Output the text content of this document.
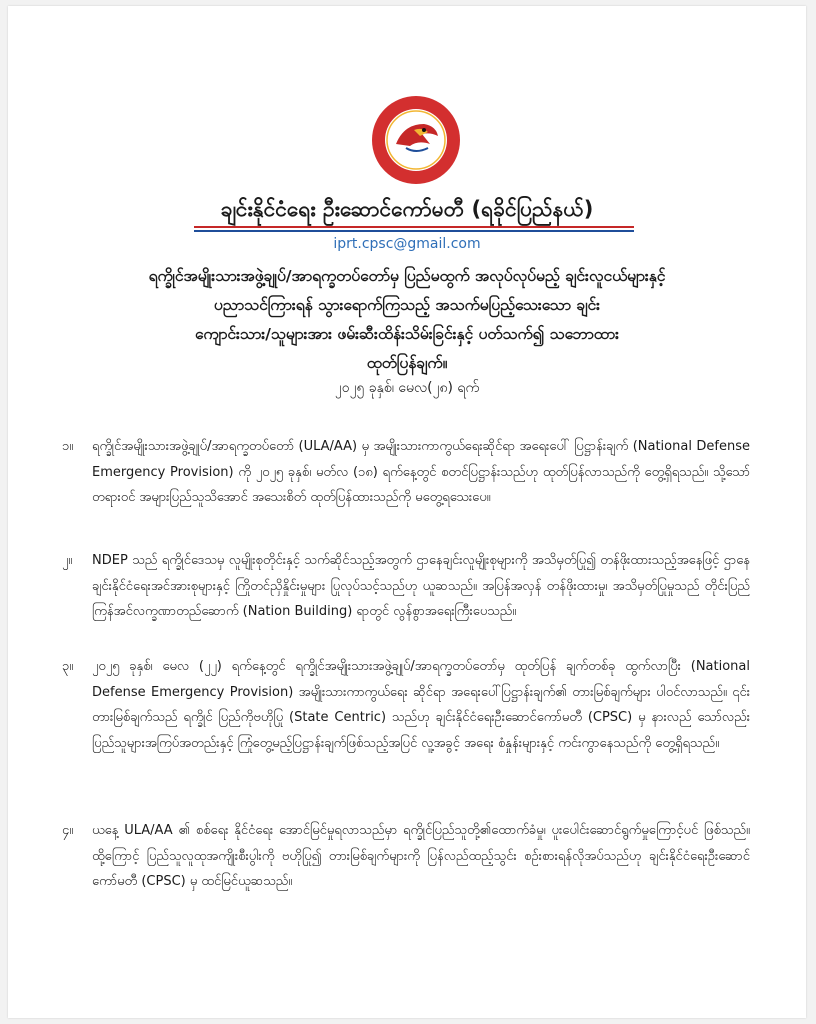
ချင်းနိုင်ငံရေး ဦးဆောင်ကော်မတီ (ရခိုင်ပြည်နယ်)
iprt.cpsc@gmail.com
ရက္ခိုင်အမျိုးသားအဖွဲ့ချုပ်/အာရက္ခတပ်တော်မှ ပြည်မထွက် အလုပ်လုပ်မည့် ချင်းလူငယ်များနှင့်
ပညာသင်ကြားရန် သွားရောက်ကြသည့် အသက်မပြည့်သေးသော ချင်း
ကျောင်းသား/သူများအား ဖမ်းဆီးထိန်းသိမ်းခြင်းနှင့် ပတ်သက်၍ သဘောထား
ထုတ်ပြန်ချက်။
၂၀၂၅ ခုနှစ်၊ မေလ(၂၈) ရက်
၁။ ရက္ခိုင်အမျိုးသားအဖွဲ့ချုပ်/အာရက္ခတပ်တော် (ULA/AA) မှ အမျိုးသားကာကွယ်ရေးဆိုင်ရာ အရေးပေါ် ပြဋ္ဌာန်းချက် (National Defense Emergency Provision) ကို ၂၀၂၅ ခုနှစ်၊ မတ်လ (၁၈) ရက်နေ့တွင် စတင်ပြဋ္ဌာန်းသည်ဟု ထုတ်ပြန်လာသည်ကို တွေ့ရှိရသည်။ သို့သော် တရားဝင် အများပြည်သူသိအောင် အသေးစိတ် ထုတ်ပြန်ထားသည်ကို မတွေ့ရသေးပေ။
၂။ NDEP သည် ရက္ခိုင်ဒေသမှ လူမျိုးစုတိုင်းနှင့် သက်ဆိုင်သည့်အတွက် ဌာနေချင်းလူမျိုးစုများကို အသိမှတ်ပြု၍ တန်ဖိုးထားသည့်အနေဖြင့် ဌာနေချင်းနိုင်ငံရေးအင်အားစုများနှင့် ကြိုတင်ညှိနှိုင်းမှုများ ပြုလုပ်သင့်သည်ဟု ယူဆသည်။ အပြန်အလှန် တန်ဖိုးထားမှု၊ အသိမှတ်ပြုမှုသည် တိုင်းပြည် ကြန်အင်လက္ခဏာတည်ဆောက် (Nation Building) ရာတွင် လွန်စွာအရေးကြီးပေသည်။
၃။ ၂၀၂၅ ခုနှစ်၊ မေလ (၂၂) ရက်နေ့တွင် ရက္ခိုင်အမျိုးသားအဖွဲ့ချုပ်/အာရက္ခတပ်တော်မှ ထုတ်ပြန် ချက်တစ်ခု ထွက်လာပြီး (National Defense Emergency Provision) အမျိုးသားကာကွယ်ရေး ဆိုင်ရာ အရေးပေါ်ပြဋ္ဌာန်းချက်၏ တားမြစ်ချက်များ ပါဝင်လာသည်။ ၎င်းတားမြစ်ချက်သည် ရက္ခိုင် ပြည်ကိုဗဟိုပြု (State Centric) သည်ဟု ချင်းနိုင်ငံရေးဦးဆောင်ကော်မတီ (CPSC) မှ နားလည် သော်လည်း ပြည်သူများအကြပ်အတည်းနှင့် ကြုံတွေ့မည့်ပြဋ္ဌာန်းချက်ဖြစ်သည့်အပြင် လူ့အခွင့် အရေး စံနှုန်းများနှင့် ကင်းကွာနေသည်ကို တွေ့ရှိရသည်။
၄။ ယနေ့ ULA/AA ၏ စစ်ရေး နိုင်ငံရေး အောင်မြင်မှုရလာသည်မှာ ရက္ခိုင်ပြည်သူတို့၏ထောက်ခံမှု၊ ပူးပေါင်းဆောင်ရွက်မှုကြောင့်ပင် ဖြစ်သည်။ ထို့ကြောင့် ပြည်သူလူထုအကျိုးစီးပွါးကို ဗဟိုပြု၍ တားမြစ်ချက်များကို ပြန်လည်ထည့်သွင်း စဉ်းစားရန်လိုအပ်သည်ဟု ချင်းနိုင်ငံရေးဦးဆောင် ကော်မတီ (CPSC) မှ ထင်မြင်ယူဆသည်။
